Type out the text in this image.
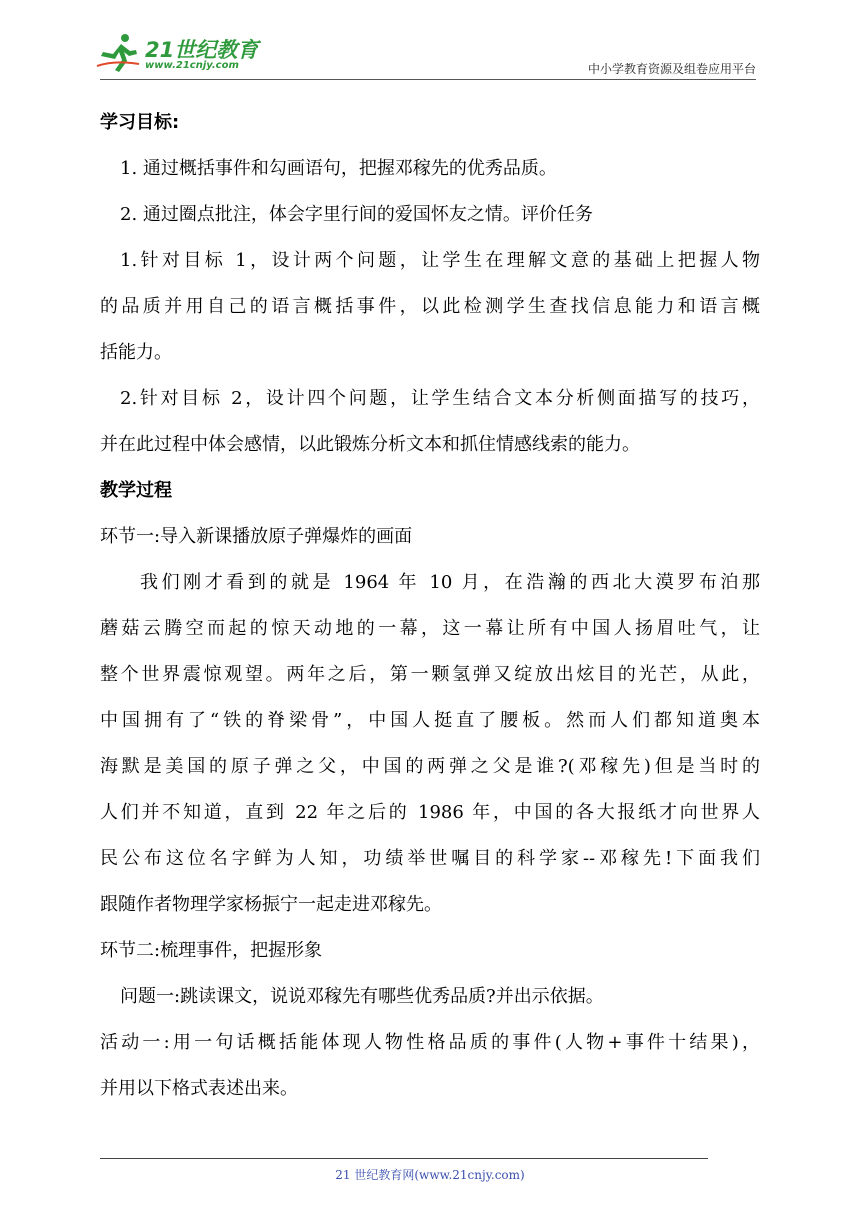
21世纪教育
www.21cnjy.com	中小学教育资源及组卷应用平台
学习目标:
1. 通过概括事件和勾画语句，把握邓稼先的优秀品质。
2. 通过圈点批注，体会字里行间的爱国怀友之情。评价任务
1.针对目标 1，设计两个问题，让学生在理解文意的基础上把握人物
的品质并用自己的语言概括事件，以此检测学生查找信息能力和语言概
括能力。
2.针对目标 2，设计四个问题，让学生结合文本分析侧面描写的技巧，
并在此过程中体会感情，以此锻炼分析文本和抓住情感线索的能力。
教学过程
环节一:导入新课播放原子弹爆炸的画面
我们刚才看到的就是 1964 年 10 月，在浩瀚的西北大漠罗布泊那
蘑菇云腾空而起的惊天动地的一幕，这一幕让所有中国人扬眉吐气，让
整个世界震惊观望。两年之后，第一颗氢弹又绽放出炫目的光芒，从此，
中国拥有了“铁的脊梁骨”，中国人挺直了腰板。然而人们都知道奥本
海默是美国的原子弹之父，中国的两弹之父是谁?(邓稼先)但是当时的
人们并不知道，直到 22 年之后的 1986 年，中国的各大报纸才向世界人
民公布这位名字鲜为人知，功绩举世嘱目的科学家--邓稼先!下面我们
跟随作者物理学家杨振宁一起走进邓稼先。
环节二:梳理事件，把握形象
问题一:跳读课文，说说邓稼先有哪些优秀品质?并出示依据。
活动一:用一句话概括能体现人物性格品质的事件(人物+事件十结果)，
并用以下格式表述出来。
21 世纪教育网(www.21cnjy.com)
